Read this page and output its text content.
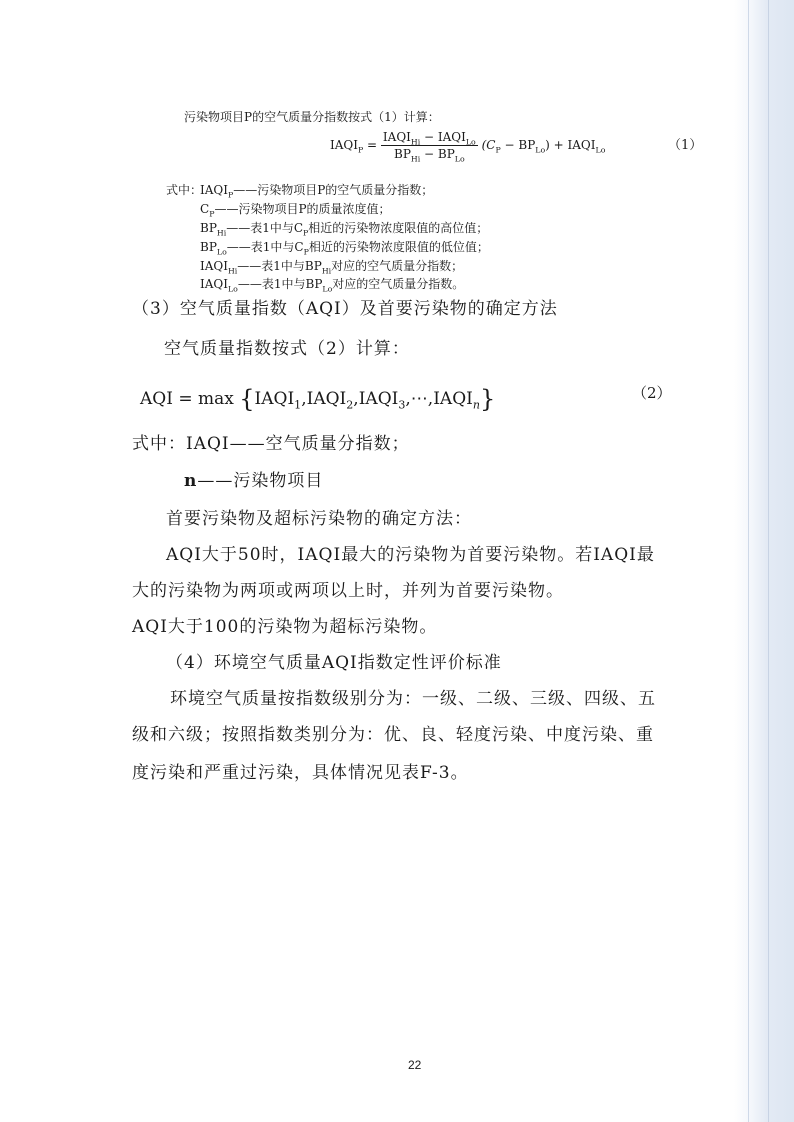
污染物项目P的空气质量分指数按式（1）计算：
$IAQI_P = \frac{IAQI_{Hi} - IAQI_{Lo}}{BP_{Hi} - BP_{Lo}} (C_P - BP_{Lo})$ + $IAQI_{Lo}$	（1）
式中：
$IAQI_P——$污染物项目P的空气质量分指数；
$C_P——$污染物项目P的质量浓度值；
$BP_{Hi}——$表1中与$C_P$相近的污染物浓度限值的高位值；
$BP_{Lo}——$表1中与$C_P$相近的污染物浓度限值的低位值；
$IAQI_{Hi}——$表1中与$BP_{Hi}$对应的空气质量分指数；
$IAQI_{Lo}——$表1中与$BP_{Lo}$对应的空气质量分指数。
（3）空气质量指数（AQI）及首要污染物的确定方法
空气质量指数按式（2）计算：
AQI = $\max \{IAQI_1,IAQI_2,IAQI_3,\cdots,IAQI_n\}$	（2）
式中：IAQI——空气质量分指数；
n——污染物项目
首要污染物及超标污染物的确定方法：
AQI大于50时，IAQI最大的污染物为首要污染物。若IAQI最
大的污染物为两项或两项以上时，并列为首要污染物。
AQI大于100的污染物为超标污染物。
（4）环境空气质量AQI指数定性评价标准
环境空气质量按指数级别分为：一级、二级、三级、四级、五
级和六级；按照指数类别分为：优、良、轻度污染、中度污染、重
度污染和严重过污染，具体情况见表F-3。
22
